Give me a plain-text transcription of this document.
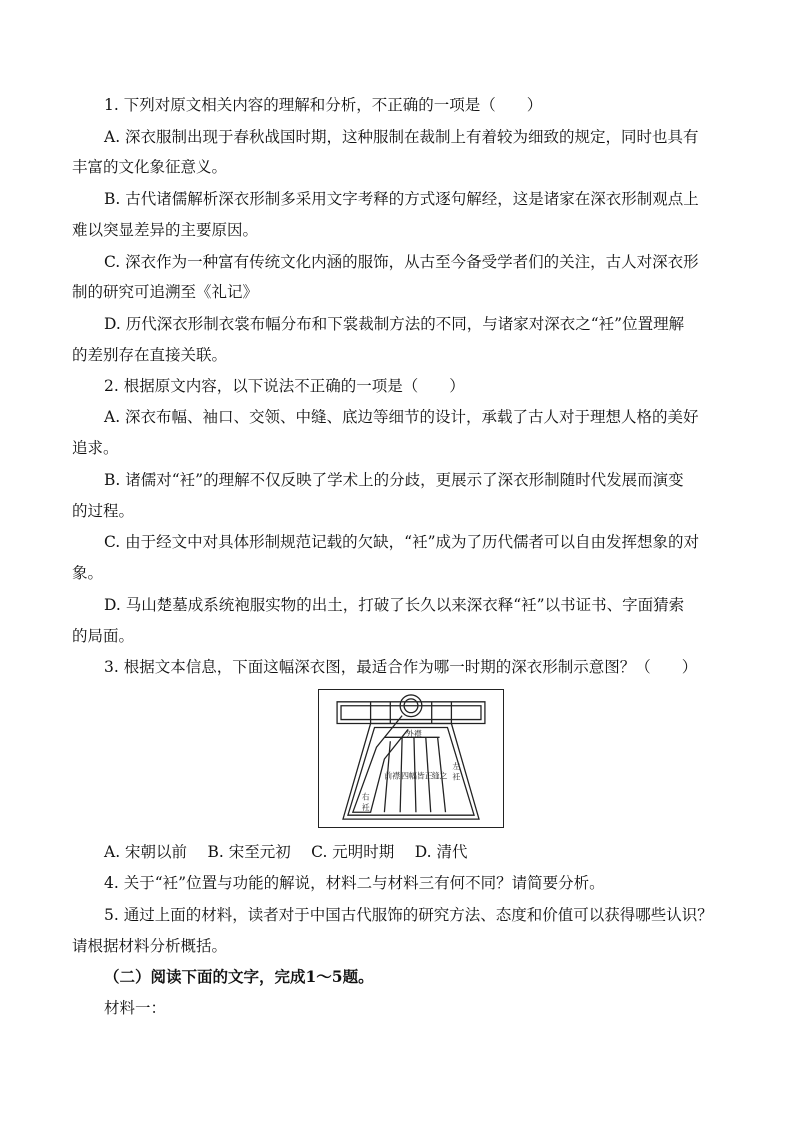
1. 下列对原文相关内容的理解和分析，不正确的一项是（　　）
A. 深衣服制出现于春秋战国时期，这种服制在裁制上有着较为细致的规定，同时也具有
丰富的文化象征意义。
B. 古代诸儒解析深衣形制多采用文字考释的方式逐句解经，这是诸家在深衣形制观点上
难以突显差异的主要原因。
C. 深衣作为一种富有传统文化内涵的服饰，从古至今备受学者们的关注，古人对深衣形
制的研究可追溯至《礼记》
D. 历代深衣形制衣裳布幅分布和下裳裁制方法的不同，与诸家对深衣之“衽”位置理解
的差别存在直接关联。
2. 根据原文内容，以下说法不正确的一项是（　　）
A. 深衣布幅、袖口、交领、中缝、底边等细节的设计，承载了古人对于理想人格的美好
追求。
B. 诸儒对“衽”的理解不仅反映了学术上的分歧，更展示了深衣形制随时代发展而演变
的过程。
C. 由于经文中对具体形制规范记载的欠缺，“衽”成为了历代儒者可以自由发挥想象的对
象。
D. 马山楚墓成系统袍服实物的出土，打破了长久以来深衣释“衽”以书证书、字面猜索
的局面。
3. 根据文本信息，下面这幅深衣图，最适合作为哪一时期的深衣形制示意图？（　　）
外襟
前襟 四幅 皆正 缝之
左
衽
右
衽
A. 宋朝以前　 B. 宋至元初　 C. 元明时期　 D. 清代
4. 关于“衽”位置与功能的解说，材料二与材料三有何不同？请简要分析。
5. 通过上面的材料，读者对于中国古代服饰的研究方法、态度和价值可以获得哪些认识？
请根据材料分析概括。
（二）阅读下面的文字，完成1～5题。
材料一：
